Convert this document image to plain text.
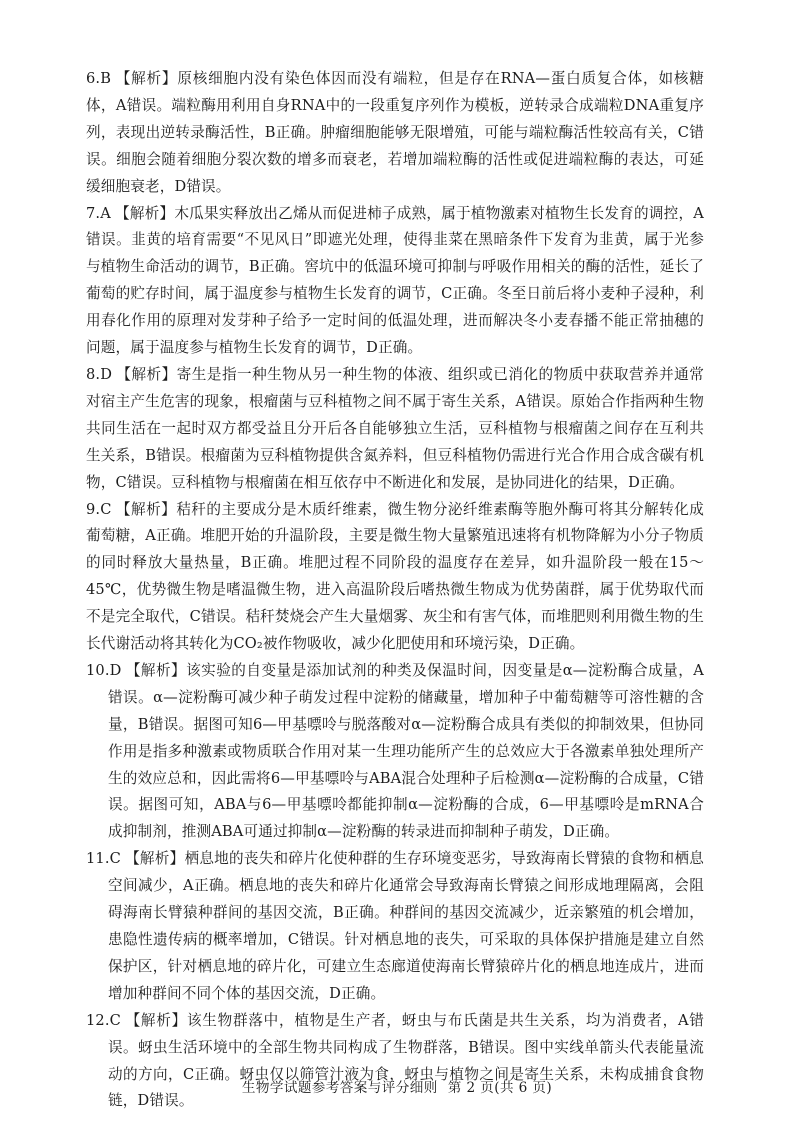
6.B 【解析】原核细胞内没有染色体因而没有端粒，但是存在RNA—蛋白质复合体，如核糖体，A错误。端粒酶用利用自身RNA中的一段重复序列作为模板，逆转录合成端粒DNA重复序列，表现出逆转录酶活性，B正确。肿瘤细胞能够无限增殖，可能与端粒酶活性较高有关，C错误。细胞会随着细胞分裂次数的增多而衰老，若增加端粒酶的活性或促进端粒酶的表达，可延缓细胞衰老，D错误。

7.A 【解析】木瓜果实释放出乙烯从而促进柿子成熟，属于植物激素对植物生长发育的调控，A错误。韭黄的培育需要“不见风日”即遮光处理，使得韭菜在黑暗条件下发育为韭黄，属于光参与植物生命活动的调节，B正确。窖坑中的低温环境可抑制与呼吸作用相关的酶的活性，延长了葡萄的贮存时间，属于温度参与植物生长发育的调节，C正确。冬至日前后将小麦种子浸种，利用春化作用的原理对发芽种子给予一定时间的低温处理，进而解决冬小麦春播不能正常抽穗的问题，属于温度参与植物生长发育的调节，D正确。

8.D 【解析】寄生是指一种生物从另一种生物的体液、组织或已消化的物质中获取营养并通常对宿主产生危害的现象，根瘤菌与豆科植物之间不属于寄生关系，A错误。原始合作指两种生物共同生活在一起时双方都受益且分开后各自能够独立生活，豆科植物与根瘤菌之间存在互利共生关系，B错误。根瘤菌为豆科植物提供含氮养料，但豆科植物仍需进行光合作用合成含碳有机物，C错误。豆科植物与根瘤菌在相互依存中不断进化和发展，是协同进化的结果，D正确。

9.C 【解析】秸秆的主要成分是木质纤维素，微生物分泌纤维素酶等胞外酶可将其分解转化成葡萄糖，A正确。堆肥开始的升温阶段，主要是微生物大量繁殖迅速将有机物降解为小分子物质的同时释放大量热量，B正确。堆肥过程不同阶段的温度存在差异，如升温阶段一般在15～45℃，优势微生物是嗜温微生物，进入高温阶段后嗜热微生物成为优势菌群，属于优势取代而不是完全取代，C错误。秸秆焚烧会产生大量烟雾、灰尘和有害气体，而堆肥则利用微生物的生长代谢活动将其转化为CO₂被作物吸收，减少化肥使用和环境污染，D正确。

10.D 【解析】该实验的自变量是添加试剂的种类及保温时间，因变量是α—淀粉酶合成量，A错误。α—淀粉酶可减少种子萌发过程中淀粉的储藏量，增加种子中葡萄糖等可溶性糖的含量，B错误。据图可知6—甲基嘌呤与脱落酸对α—淀粉酶合成具有类似的抑制效果，但协同作用是指多种激素或物质联合作用对某一生理功能所产生的总效应大于各激素单独处理所产生的效应总和，因此需将6—甲基嘌呤与ABA混合处理种子后检测α—淀粉酶的合成量，C错误。据图可知，ABA与6—甲基嘌呤都能抑制α—淀粉酶的合成，6—甲基嘌呤是mRNA合成抑制剂，推测ABA可通过抑制α—淀粉酶的转录进而抑制种子萌发，D正确。

11.C 【解析】栖息地的丧失和碎片化使种群的生存环境变恶劣，导致海南长臂猿的食物和栖息空间减少，A正确。栖息地的丧失和碎片化通常会导致海南长臂猿之间形成地理隔离，会阻碍海南长臂猿种群间的基因交流，B正确。种群间的基因交流减少，近亲繁殖的机会增加，患隐性遗传病的概率增加，C错误。针对栖息地的丧失，可采取的具体保护措施是建立自然保护区，针对栖息地的碎片化，可建立生态廊道使海南长臂猿碎片化的栖息地连成片，进而增加种群间不同个体的基因交流，D正确。

12.C 【解析】该生物群落中，植物是生产者，蚜虫与布氏菌是共生关系，均为消费者，A错误。蚜虫生活环境中的全部生物共同构成了生物群落，B错误。图中实线单箭头代表能量流动的方向，C正确。蚜虫仅以筛管汁液为食，蚜虫与植物之间是寄生关系，未构成捕食食物链，D错误。

生物学试题参考答案与评分细则 第 2 页(共 6 页)
